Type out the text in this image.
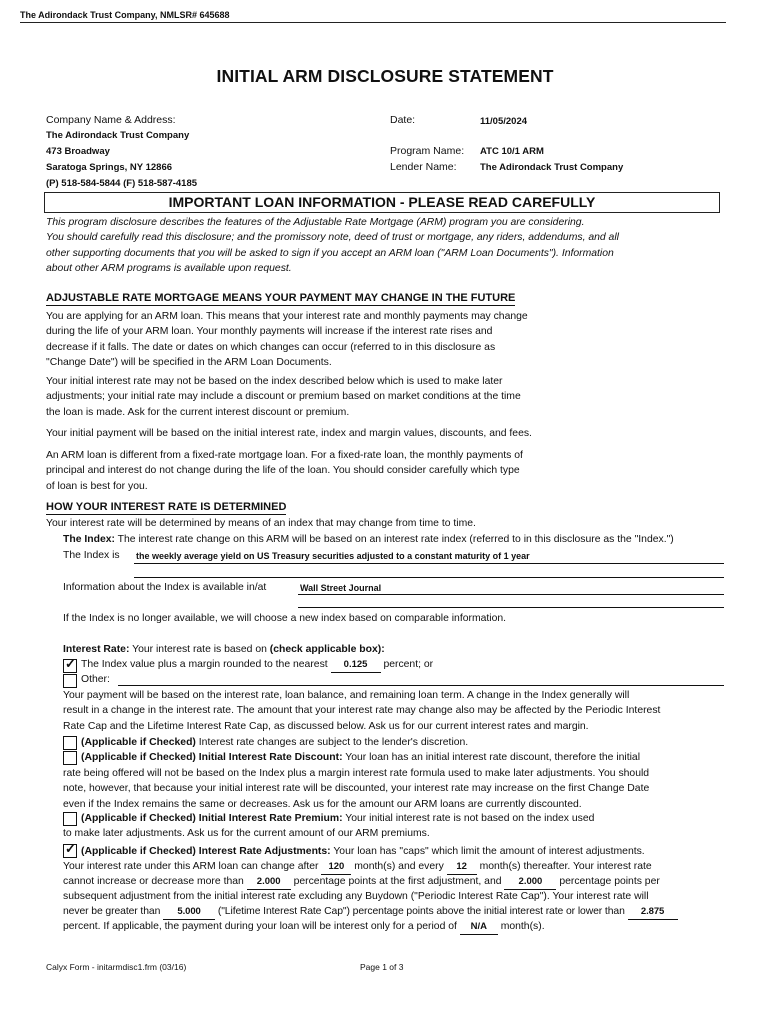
The Adirondack Trust Company, NMLSR# 645688
INITIAL ARM DISCLOSURE STATEMENT
Company Name & Address:
The Adirondack Trust Company
473 Broadway
Saratoga Springs, NY 12866
(P) 518-584-5844 (F) 518-587-4185
Date:	11/05/2024
Program Name: ATC 10/1 ARM
Lender Name: The Adirondack Trust Company
IMPORTANT LOAN INFORMATION - PLEASE READ CAREFULLY
This program disclosure describes the features of the Adjustable Rate Mortgage (ARM) program you are considering.
You should carefully read this disclosure; and the promissory note, deed of trust or mortgage, any riders, addendums, and all
other supporting documents that you will be asked to sign if you accept an ARM loan ("ARM Loan Documents"). Information
about other ARM programs is available upon request.
ADJUSTABLE RATE MORTGAGE MEANS YOUR PAYMENT MAY CHANGE IN THE FUTURE
You are applying for an ARM loan. This means that your interest rate and monthly payments may change
during the life of your ARM loan. Your monthly payments will increase if the interest rate rises and
decrease if it falls. The date or dates on which changes can occur (referred to in this disclosure as
"Change Date") will be specified in the ARM Loan Documents.
Your initial interest rate may not be based on the index described below which is used to make later
adjustments; your initial rate may include a discount or premium based on market conditions at the time
the loan is made. Ask for the current interest discount or premium.
Your initial payment will be based on the initial interest rate, index and margin values, discounts, and fees.
An ARM loan is different from a fixed-rate mortgage loan. For a fixed-rate loan, the monthly payments of
principal and interest do not change during the life of the loan. You should consider carefully which type
of loan is best for you.
HOW YOUR INTEREST RATE IS DETERMINED
Your interest rate will be determined by means of an index that may change from time to time.
The Index: The interest rate change on this ARM will be based on an interest rate index (referred to in this disclosure as the "Index.")
The Index is	the weekly average yield on US Treasury securities adjusted to a constant maturity of 1 year
Information about the Index is available in/at	Wall Street Journal
If the Index is no longer available, we will choose a new index based on comparable information.
Interest Rate: Your interest rate is based on (check applicable box):
✓ The Index value plus a margin rounded to the nearest 0.125 percent; or
Other:
Your payment will be based on the interest rate, loan balance, and remaining loan term. A change in the Index generally will
result in a change in the interest rate. The amount that your interest rate may change also may be affected by the Periodic Interest
Rate Cap and the Lifetime Interest Rate Cap, as discussed below. Ask us for our current interest rates and margin.
(Applicable if Checked) Interest rate changes are subject to the lender's discretion.
(Applicable if Checked) Initial Interest Rate Discount: Your loan has an initial interest rate discount, therefore the initial
rate being offered will not be based on the Index plus a margin interest rate formula used to make later adjustments. You should
note, however, that because your initial interest rate will be discounted, your interest rate may increase on the first Change Date
even if the Index remains the same or decreases. Ask us for the amount our ARM loans are currently discounted.
(Applicable if Checked) Initial Interest Rate Premium: Your initial interest rate is not based on the index used
to make later adjustments. Ask us for the current amount of our ARM premiums.
✓ (Applicable if Checked) Interest Rate Adjustments: Your loan has "caps" which limit the amount of interest adjustments.
Your interest rate under this ARM loan can change after 120 month(s) and every 12 month(s) thereafter. Your interest rate
cannot increase or decrease more than 2.000 percentage points at the first adjustment, and 2.000 percentage points per
subsequent adjustment from the initial interest rate excluding any Buydown ("Periodic Interest Rate Cap"). Your interest rate will
never be greater than 5.000 ("Lifetime Interest Rate Cap") percentage points above the initial interest rate or lower than 2.875
percent. If applicable, the payment during your loan will be interest only for a period of N/A month(s).
Calyx Form - initarmdisc1.frm (03/16)	Page 1 of 3
